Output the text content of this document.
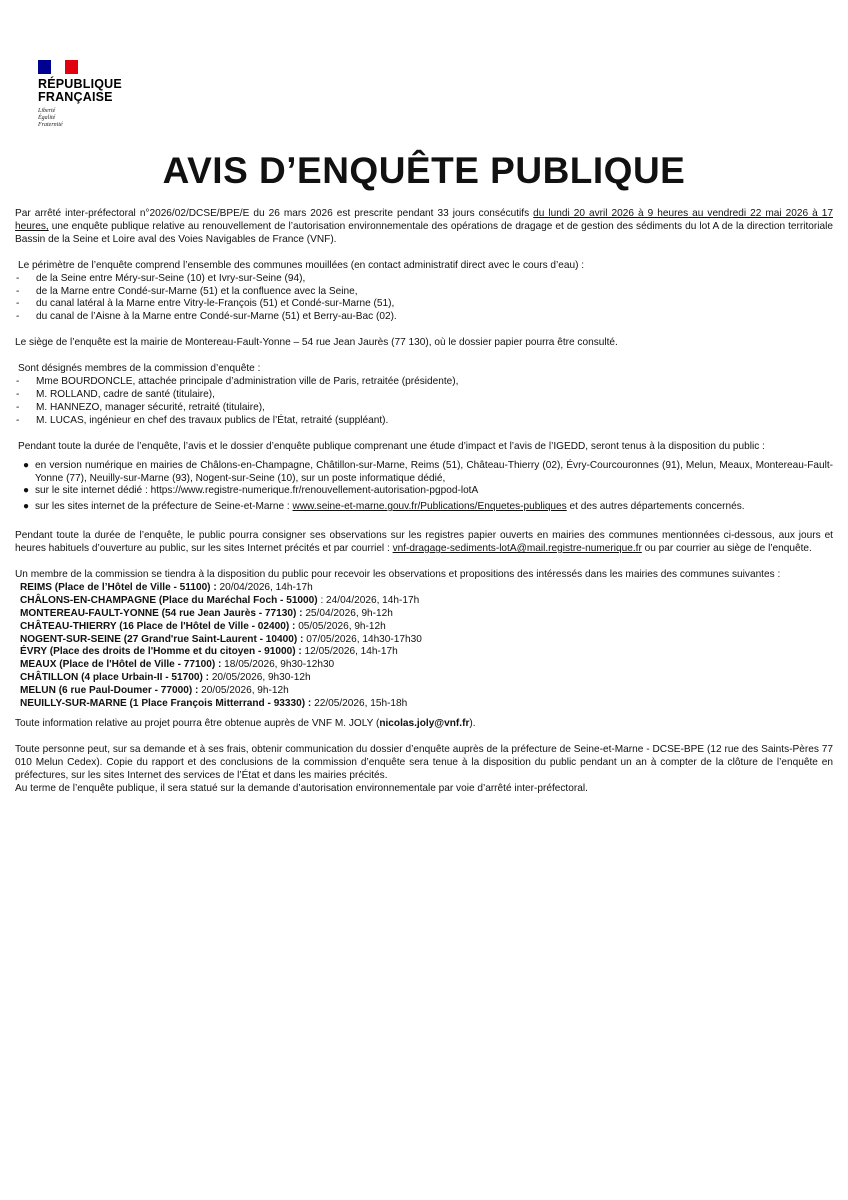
RÉPUBLIQUE
FRANÇAISE
Liberté
Égalité
Fraternité
AVIS D’ENQUÊTE PUBLIQUE

Par arrêté inter-préfectoral n°2026/02/DCSE/BPE/E du 26 mars 2026 est prescrite pendant 33 jours consécutifs du lundi 20 avril 2026 à 9 heures au vendredi 22 mai 2026 à 17 heures, une enquête publique relative au renouvellement de l’autorisation environnementale des opérations de dragage et de gestion des sédiments du lot A de la direction territoriale Bassin de la Seine et Loire aval des Voies Navigables de France (VNF).

Le périmètre de l’enquête comprend l’ensemble des communes mouillées (en contact administratif direct avec le cours d’eau) :

-	de la Seine entre Méry-sur-Seine (10) et Ivry-sur-Seine (94),
-	de la Marne entre Condé-sur-Marne (51) et la confluence avec la Seine,
-	du canal latéral à la Marne entre Vitry-le-François (51) et Condé-sur-Marne (51),
-	du canal de l’Aisne à la Marne entre Condé-sur-Marne (51) et Berry-au-Bac (02).

Le siège de l’enquête est la mairie de Montereau-Fault-Yonne – 54 rue Jean Jaurès (77 130), où le dossier papier pourra être consulté.

Sont désignés membres de la commission d’enquête :

-	Mme BOURDONCLE, attachée principale d’administration ville de Paris, retraitée (présidente),
-	M. ROLLAND, cadre de santé (titulaire),
-	M. HANNEZO, manager sécurité, retraité (titulaire),
-	M. LUCAS, ingénieur en chef des travaux publics de l’État, retraité (suppléant).

Pendant toute la durée de l’enquête, l’avis et le dossier d’enquête publique comprenant une étude d’impact et l’avis de l’IGEDD, seront tenus à la disposition du public :

● en version numérique en mairies de Châlons-en-Champagne, Châtillon-sur-Marne, Reims (51), Château-Thierry (02), Évry-Courcouronnes (91), Melun, Meaux, Montereau-Fault-Yonne (77), Neuilly-sur-Marne (93), Nogent-sur-Seine (10), sur un poste informatique dédié,
● sur le site internet dédié : https://www.registre-numerique.fr/renouvellement-autorisation-pgpod-lotA
● sur les sites internet de la préfecture de Seine-et-Marne : www.seine-et-marne.gouv.fr/Publications/Enquetes-publiques et des autres départements concernés.

Pendant toute la durée de l’enquête, le public pourra consigner ses observations sur les registres papier ouverts en mairies des communes mentionnées ci-dessous, aux jours et heures habituels d’ouverture au public, sur les sites Internet précités et par courriel : vnf-dragage-sediments-lotA@mail.registre-numerique.fr ou par courrier au siège de l’enquête.

Un membre de la commission se tiendra à la disposition du public pour recevoir les observations et propositions des intéressés dans les mairies des communes suivantes :

REIMS (Place de l’Hôtel de Ville - 51100) : 20/04/2026, 14h-17h
CHÂLONS-EN-CHAMPAGNE (Place du Maréchal Foch - 51000) : 24/04/2026, 14h-17h
MONTEREAU-FAULT-YONNE (54 rue Jean Jaurès - 77130) : 25/04/2026, 9h-12h
CHÂTEAU-THIERRY (16 Place de l'Hôtel de Ville - 02400) : 05/05/2026, 9h-12h
NOGENT-SUR-SEINE (27 Grand'rue Saint-Laurent - 10400) : 07/05/2026, 14h30-17h30
ÉVRY (Place des droits de l'Homme et du citoyen - 91000) : 12/05/2026, 14h-17h
MEAUX (Place de l'Hôtel de Ville - 77100) : 18/05/2026, 9h30-12h30
CHÂTILLON (4 place Urbain-II - 51700) : 20/05/2026, 9h30-12h
MELUN (6 rue Paul-Doumer - 77000) : 20/05/2026, 9h-12h
NEUILLY-SUR-MARNE (1 Place François Mitterrand - 93330) : 22/05/2026, 15h-18h

Toute information relative au projet pourra être obtenue auprès de VNF M. JOLY (nicolas.joly@vnf.fr).

Toute personne peut, sur sa demande et à ses frais, obtenir communication du dossier d’enquête auprès de la préfecture de Seine-et-Marne - DCSE-BPE (12 rue des Saints-Pères 77 010 Melun Cedex). Copie du rapport et des conclusions de la commission d’enquête sera tenue à la disposition du public pendant un an à compter de la clôture de l’enquête en préfectures, sur les sites Internet des services de l’État et dans les mairies précités.

Au terme de l’enquête publique, il sera statué sur la demande d’autorisation environnementale par voie d’arrêté inter-préfectoral.
